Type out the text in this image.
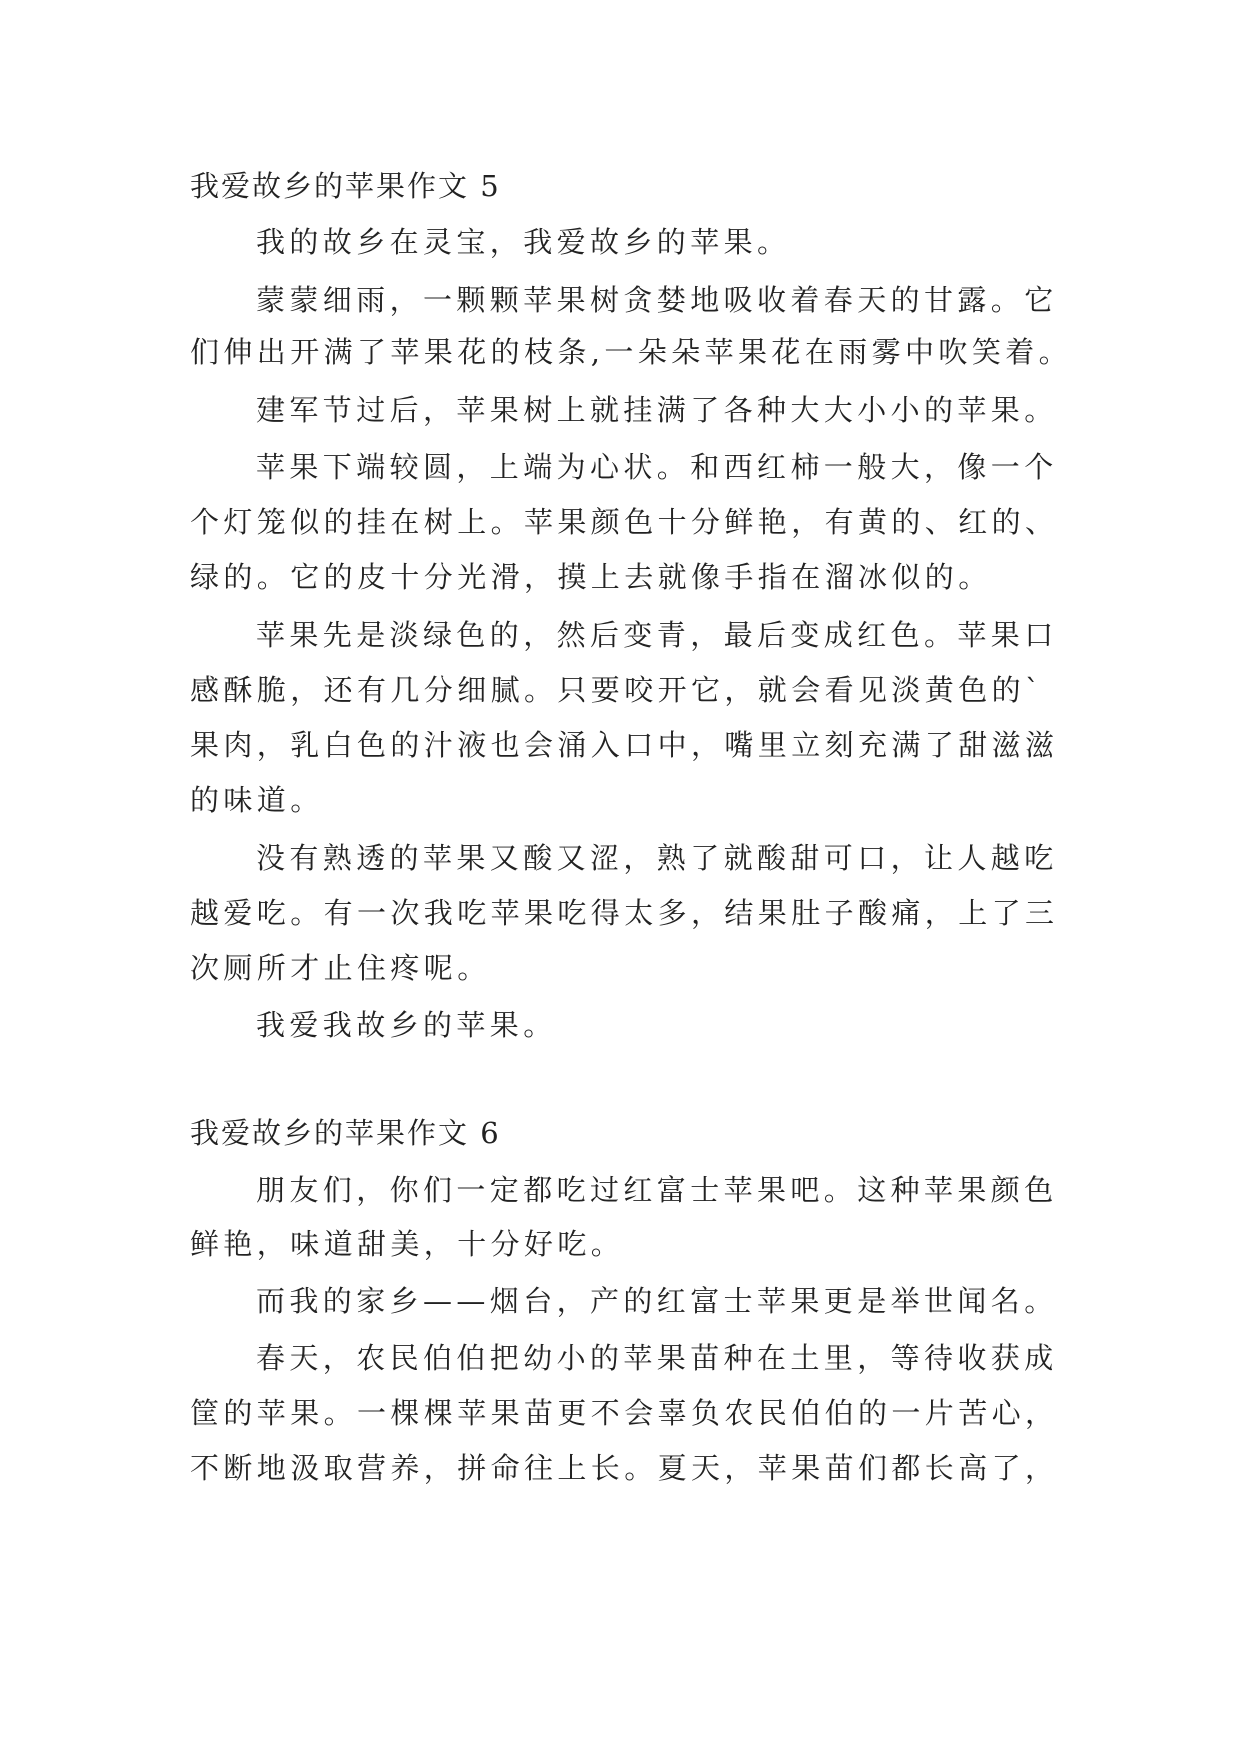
我爱故乡的苹果作文 5
我的故乡在灵宝，我爱故乡的苹果。
蒙蒙细雨，一颗颗苹果树贪婪地吸收着春天的甘露。它
们伸出开满了苹果花的枝条,一朵朵苹果花在雨雾中吹笑着。
建军节过后，苹果树上就挂满了各种大大小小的苹果。
苹果下端较圆，上端为心状。和西红柿一般大，像一个
个灯笼似的挂在树上。苹果颜色十分鲜艳，有黄的、红的、
绿的。它的皮十分光滑，摸上去就像手指在溜冰似的。
苹果先是淡绿色的，然后变青，最后变成红色。苹果口
感酥脆，还有几分细腻。只要咬开它，就会看见淡黄色的`
果肉，乳白色的汁液也会涌入口中，嘴里立刻充满了甜滋滋
的味道。
没有熟透的苹果又酸又涩，熟了就酸甜可口，让人越吃
越爱吃。有一次我吃苹果吃得太多，结果肚子酸痛，上了三
次厕所才止住疼呢。
我爱我故乡的苹果。
我爱故乡的苹果作文 6
朋友们，你们一定都吃过红富士苹果吧。这种苹果颜色
鲜艳，味道甜美，十分好吃。
而我的家乡——烟台，产的红富士苹果更是举世闻名。
春天，农民伯伯把幼小的苹果苗种在土里，等待收获成
筐的苹果。一棵棵苹果苗更不会辜负农民伯伯的一片苦心，
不断地汲取营养，拼命往上长。夏天，苹果苗们都长高了，
